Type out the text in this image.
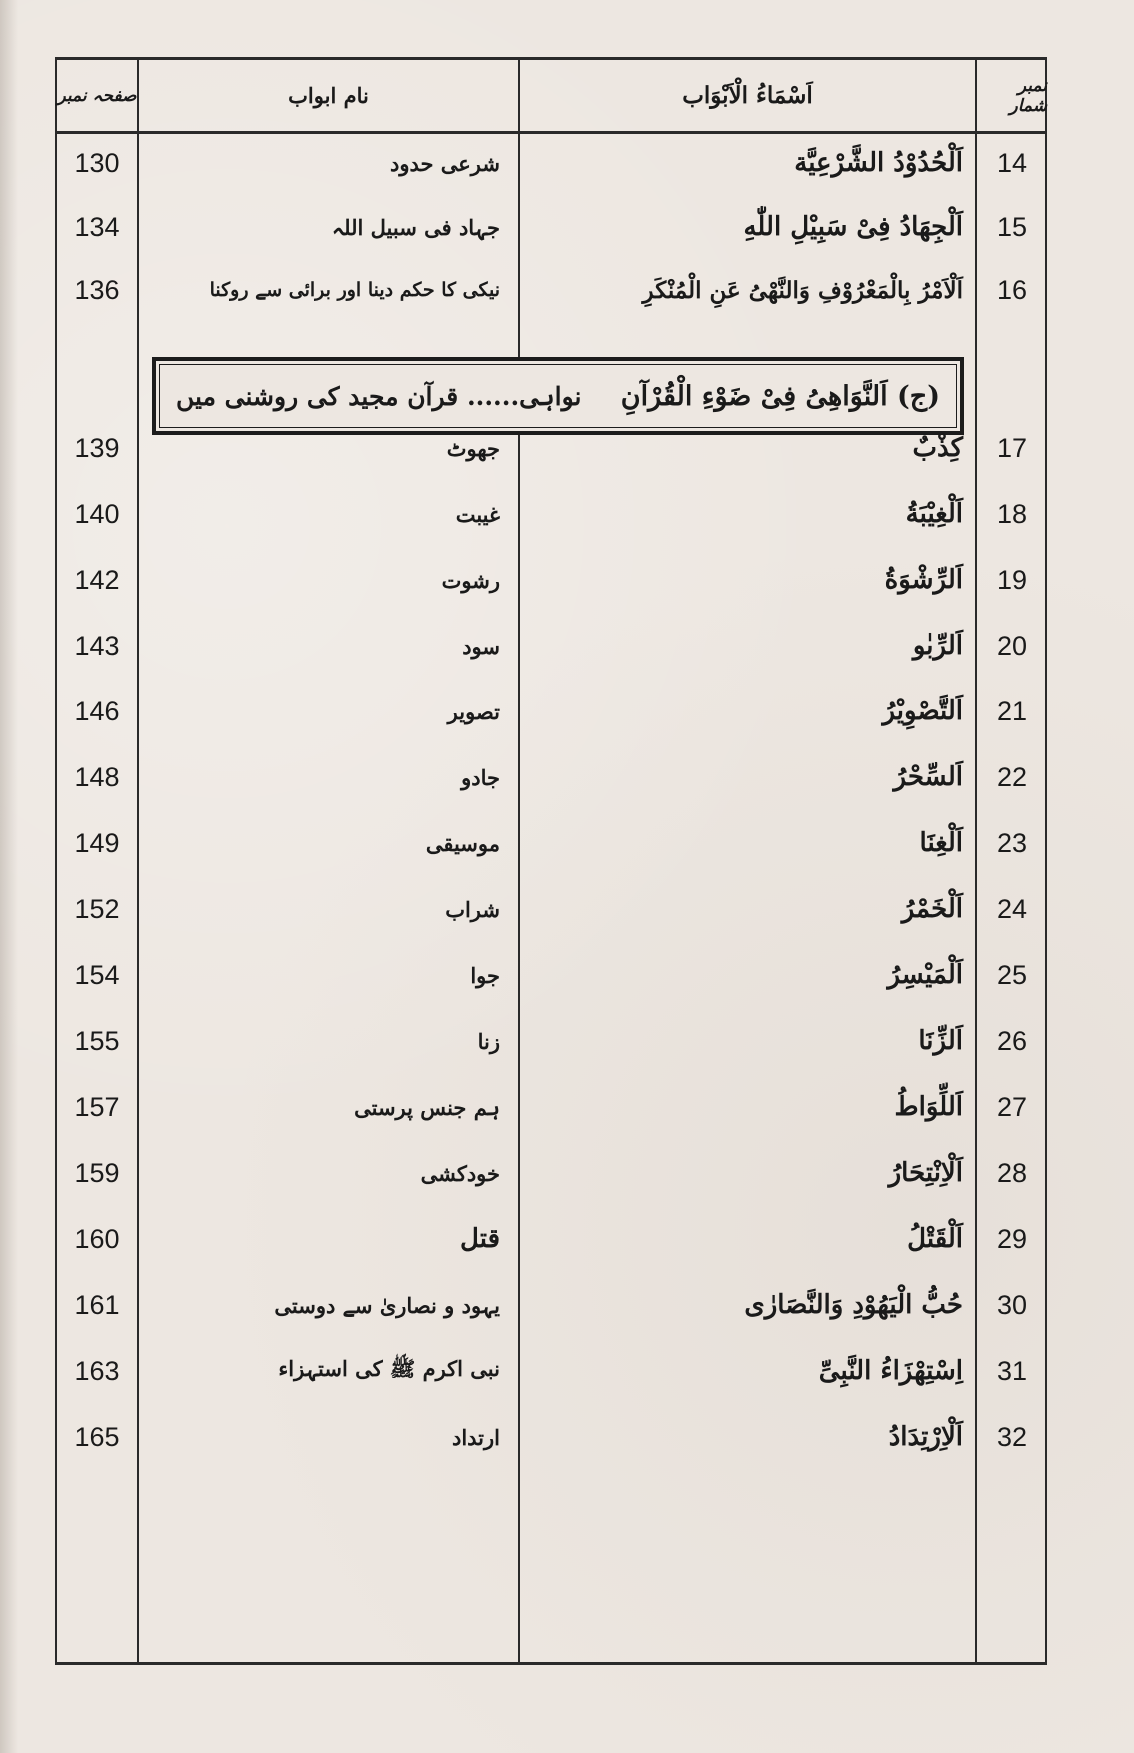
صفحہ نمبر	نام ابواب	اَسْمَاءُ الْاَبْوَاب	نمبر شمار
130	شرعی حدود	اَلْحُدُوْدُ الشَّرْعِيَّة	14
134	جہاد فی سبیل اللہ	اَلْجِهَادُ فِیْ سَبِیْلِ اللّٰهِ	15
136	نیکی کا حکم دینا اور برائی سے روکنا	اَلْاَمْرُ بِالْمَعْرُوْفِ وَالنَّهْیُ عَنِ الْمُنْکَرِ	16
(ج) اَلنَّوَاهِیُ فِیْ ضَوْءِ الْقُرْآنِ
نواہی...... قرآن مجید کی روشنی میں
139	جھوٹ	کِذْبٌ	17
140	غیبت	اَلْغِیْبَةُ	18
142	رشوت	اَلرِّشْوَةُ	19
143	سود	اَلرِّبٰو	20
146	تصویر	اَلتَّصْوِیْرُ	21
148	جادو	اَلسِّحْرُ	22
149	موسیقی	اَلْغِنَا	23
152	شراب	اَلْخَمْرُ	24
154	جوا	اَلْمَیْسِرُ	25
155	زنا	اَلزِّنَا	26
157	ہم جنس پرستی	اَللِّوَاطُ	27
159	خودکشی	اَلْاِنْتِحَارُ	28
160	قتل	اَلْقَتْلُ	29
161	یہود و نصاریٰ سے دوستی	حُبُّ الْیَهُوْدِ وَالنَّصَارٰی	30
163	نبی اکرم ﷺ کی استہزاء	اِسْتِهْزَاءُ النَّبِیِّ	31
165	ارتداد	اَلْاِرْتِدَادُ	32
